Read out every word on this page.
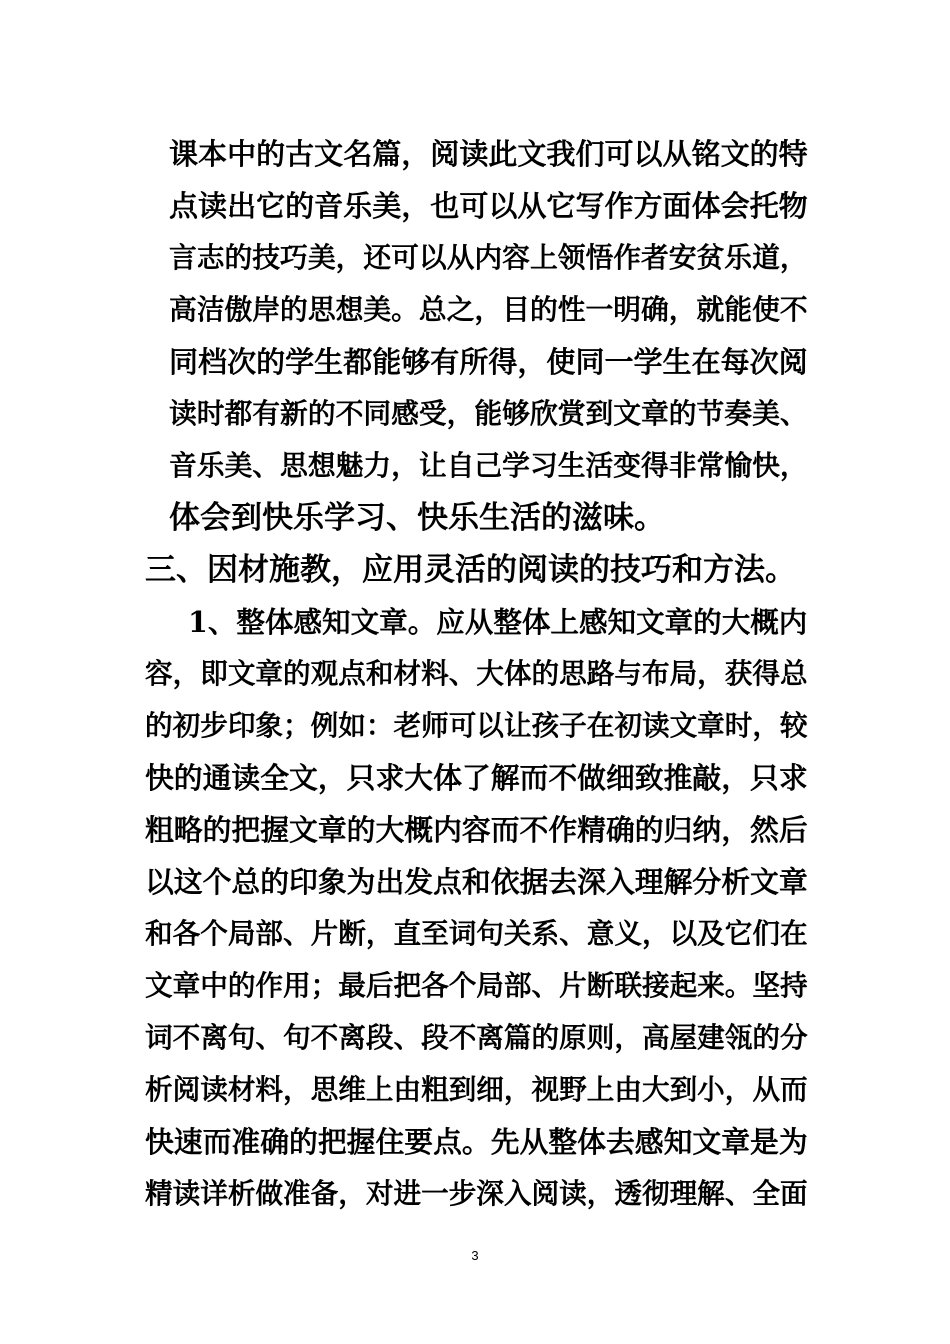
课本中的古文名篇，阅读此文我们可以从铭文的特
点读出它的音乐美，也可以从它写作方面体会托物
言志的技巧美，还可以从内容上领悟作者安贫乐道，
高洁傲岸的思想美。总之，目的性一明确，就能使不
同档次的学生都能够有所得，使同一学生在每次阅
读时都有新的不同感受，能够欣赏到文章的节奏美、
音乐美、思想魅力，让自己学习生活变得非常愉快，
体会到快乐学习、快乐生活的滋味。
三、因材施教，应用灵活的阅读的技巧和方法。
1、整体感知文章。应从整体上感知文章的大概内
容，即文章的观点和材料、大体的思路与布局，获得总
的初步印象；例如：老师可以让孩子在初读文章时，较
快的通读全文，只求大体了解而不做细致推敲，只求
粗略的把握文章的大概内容而不作精确的归纳，然后
以这个总的印象为出发点和依据去深入理解分析文章
和各个局部、片断，直至词句关系、意义，以及它们在
文章中的作用；最后把各个局部、片断联接起来。坚持
词不离句、句不离段、段不离篇的原则，高屋建瓴的分
析阅读材料，思维上由粗到细，视野上由大到小，从而
快速而准确的把握住要点。先从整体去感知文章是为
精读详析做准备，对进一步深入阅读，透彻理解、全面
3
